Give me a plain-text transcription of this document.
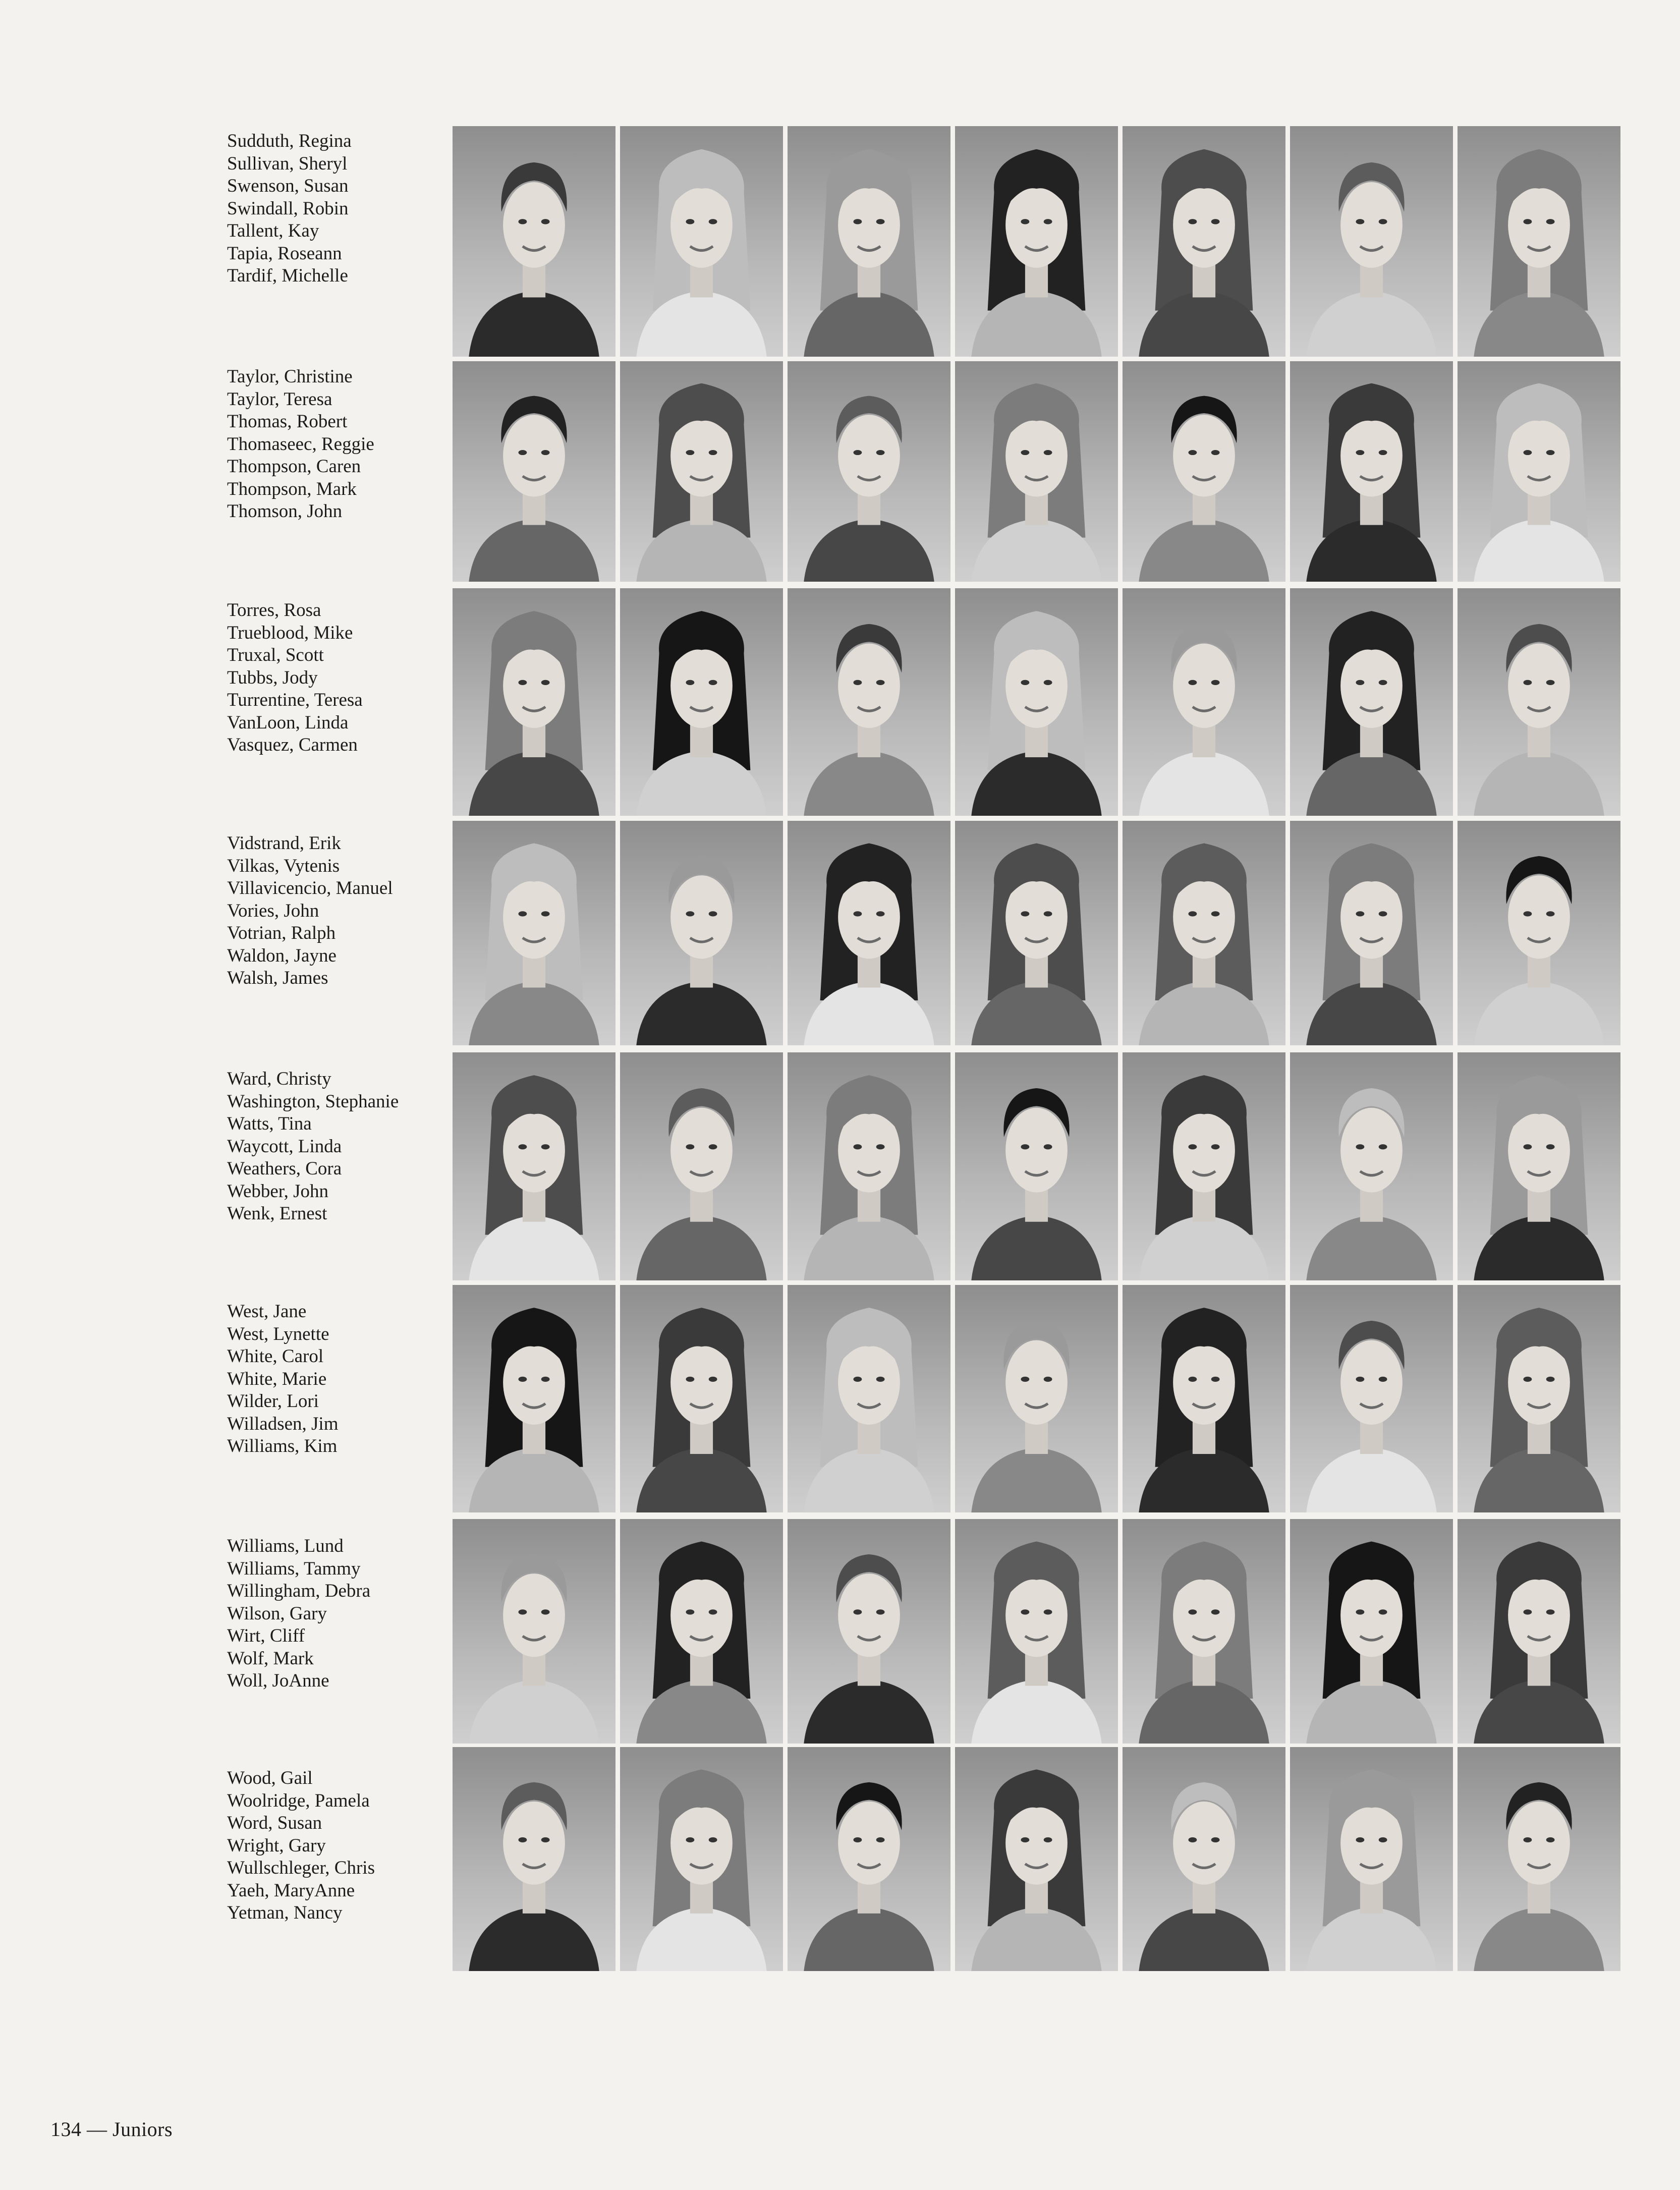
Sudduth, Regina
Sullivan, Sheryl
Swenson, Susan
Swindall, Robin
Tallent, Kay
Tapia, Roseann
Tardif, Michelle
Taylor, Christine
Taylor, Teresa
Thomas, Robert
Thomaseec, Reggie
Thompson, Caren
Thompson, Mark
Thomson, John
Torres, Rosa
Trueblood, Mike
Truxal, Scott
Tubbs, Jody
Turrentine, Teresa
VanLoon, Linda
Vasquez, Carmen
Vidstrand, Erik
Vilkas, Vytenis
Villavicencio, Manuel
Vories, John
Votrian, Ralph
Waldon, Jayne
Walsh, James
Ward, Christy
Washington, Stephanie
Watts, Tina
Waycott, Linda
Weathers, Cora
Webber, John
Wenk, Ernest
West, Jane
West, Lynette
White, Carol
White, Marie
Wilder, Lori
Willadsen, Jim
Williams, Kim
Williams, Lund
Williams, Tammy
Willingham, Debra
Wilson, Gary
Wirt, Cliff
Wolf, Mark
Woll, JoAnne
Wood, Gail
Woolridge, Pamela
Word, Susan
Wright, Gary
Wullschleger, Chris
Yaeh, MaryAnne
Yetman, Nancy
134 — Juniors
